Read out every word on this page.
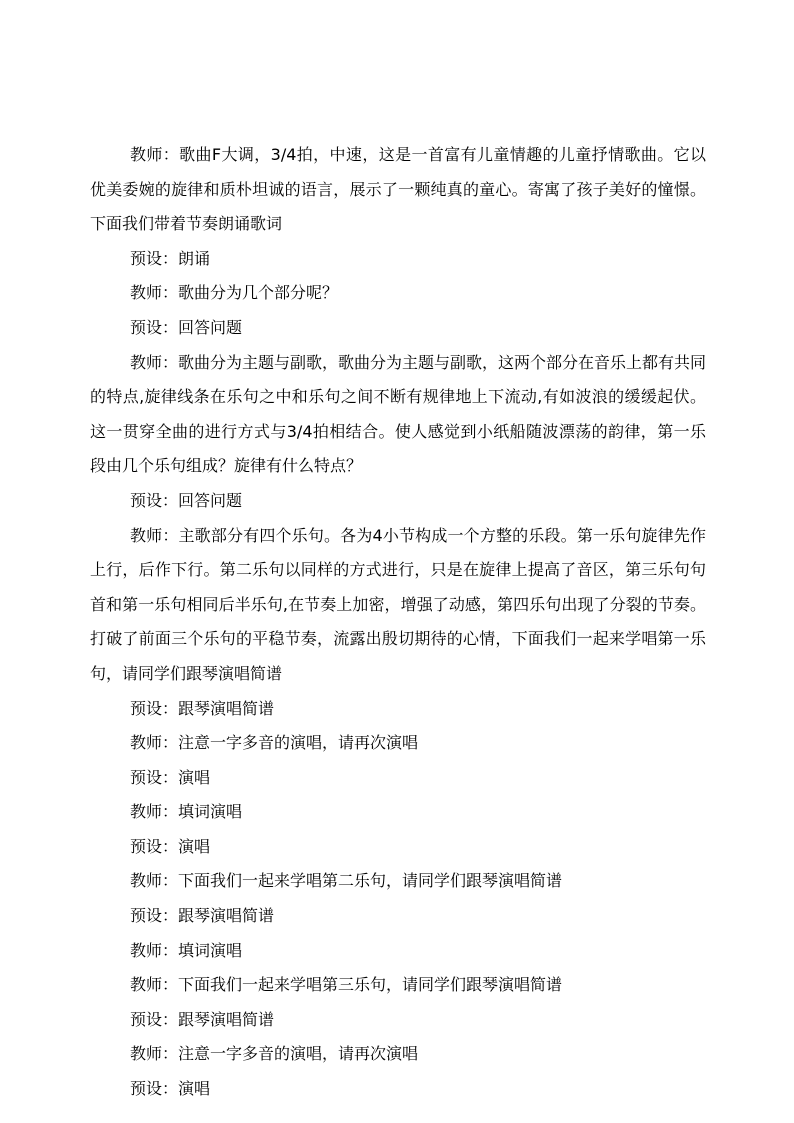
教师：歌曲F大调，3/4拍，中速，这是一首富有儿童情趣的儿童抒情歌曲。它以优美委婉的旋律和质朴坦诚的语言，展示了一颗纯真的童心。寄寓了孩子美好的憧憬。下面我们带着节奏朗诵歌词

预设：朗诵

教师：歌曲分为几个部分呢？

预设：回答问题

教师：歌曲分为主题与副歌，歌曲分为主题与副歌，这两个部分在音乐上都有共同的特点,旋律线条在乐句之中和乐句之间不断有规律地上下流动,有如波浪的缓缓起伏。这一贯穿全曲的进行方式与3/4拍相结合。使人感觉到小纸船随波漂荡的韵律，第一乐段由几个乐句组成？旋律有什么特点？

预设：回答问题

教师：主歌部分有四个乐句。各为4小节构成一个方整的乐段。第一乐句旋律先作上行，后作下行。第二乐句以同样的方式进行，只是在旋律上提高了音区，第三乐句句首和第一乐句相同后半乐句,在节奏上加密，增强了动感，第四乐句出现了分裂的节奏。打破了前面三个乐句的平稳节奏，流露出殷切期待的心情，下面我们一起来学唱第一乐句，请同学们跟琴演唱简谱

预设：跟琴演唱简谱

教师：注意一字多音的演唱，请再次演唱

预设：演唱

教师：填词演唱

预设：演唱

教师：下面我们一起来学唱第二乐句，请同学们跟琴演唱简谱

预设：跟琴演唱简谱

教师：填词演唱

教师：下面我们一起来学唱第三乐句，请同学们跟琴演唱简谱

预设：跟琴演唱简谱

教师：注意一字多音的演唱，请再次演唱

预设：演唱
